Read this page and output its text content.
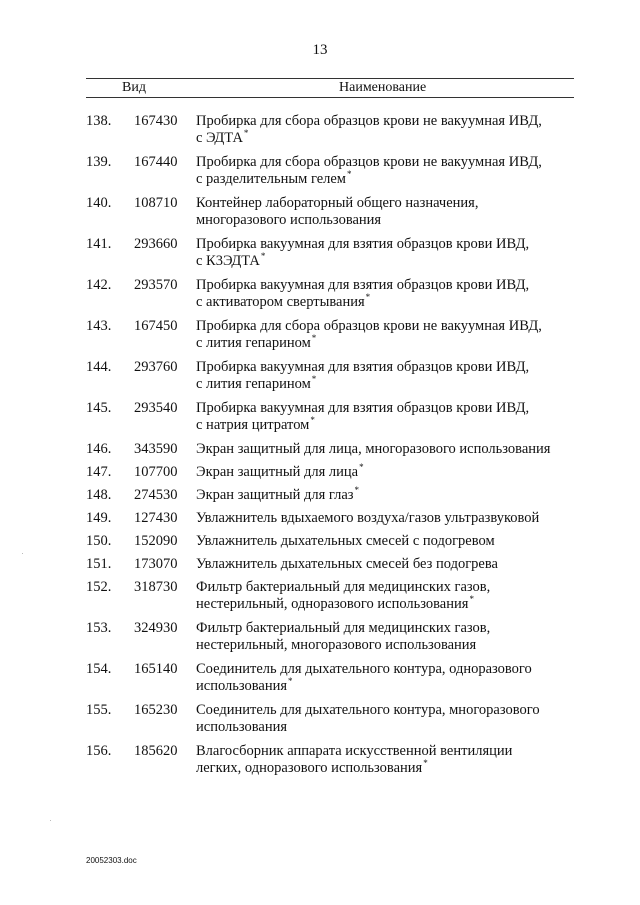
13
Вид	Наименование
138. 167430 Пробирка для сбора образцов крови не вакуумная ИВД,
с ЭДТА*
139. 167440 Пробирка для сбора образцов крови не вакуумная ИВД,
с разделительным гелем*
140. 108710 Контейнер лабораторный общего назначения,
многоразового использования
141. 293660 Пробирка вакуумная для взятия образцов крови ИВД,
с К3ЭДТА*
142. 293570 Пробирка вакуумная для взятия образцов крови ИВД,
с активатором свертывания*
143. 167450 Пробирка для сбора образцов крови не вакуумная ИВД,
с лития гепарином*
144. 293760 Пробирка вакуумная для взятия образцов крови ИВД,
с лития гепарином*
145. 293540 Пробирка вакуумная для взятия образцов крови ИВД,
с натрия цитратом*
146. 343590 Экран защитный для лица, многоразового использования
147. 107700 Экран защитный для лица*
148. 274530 Экран защитный для глаз*
149. 127430 Увлажнитель вдыхаемого воздуха/газов ультразвуковой
150. 152090 Увлажнитель дыхательных смесей с подогревом
151. 173070 Увлажнитель дыхательных смесей без подогрева
152. 318730 Фильтр бактериальный для медицинских газов,
нестерильный, одноразового использования*
153. 324930 Фильтр бактериальный для медицинских газов,
нестерильный, многоразового использования
154. 165140 Соединитель для дыхательного контура, одноразового
использования*
155. 165230 Соединитель для дыхательного контура, многоразового
использования
156. 185620 Влагосборник аппарата искусственной вентиляции
легких, одноразового использования*
20052303.doc
